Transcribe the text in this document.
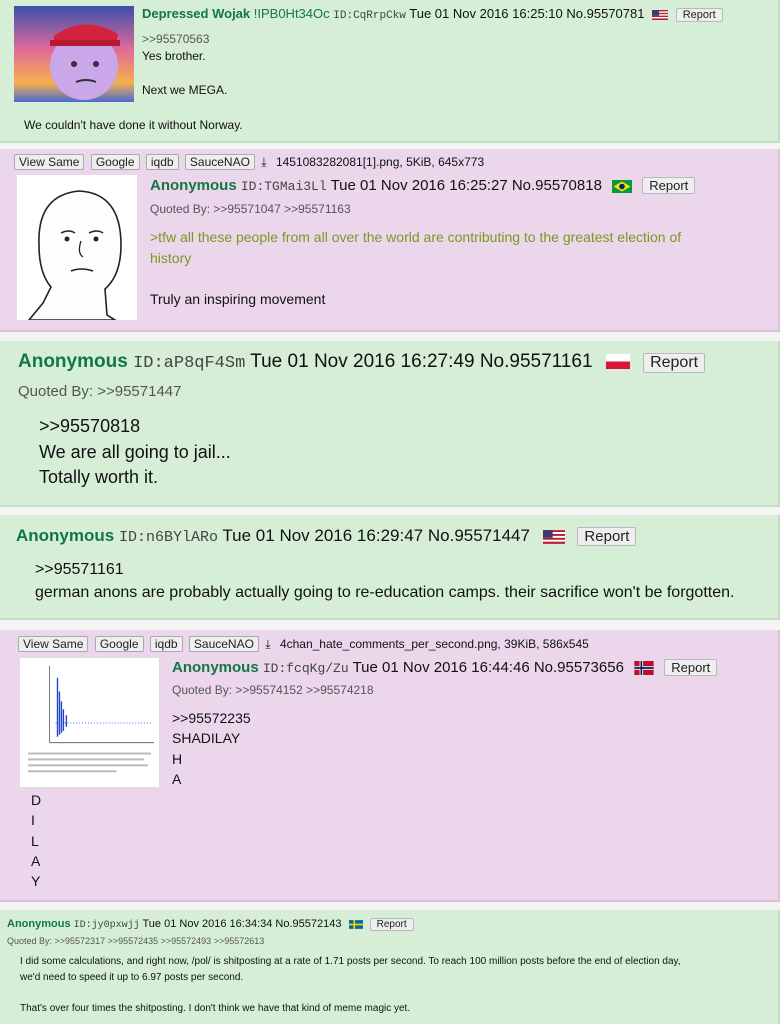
Depressed Wojak !IPB0Ht34Oc ID:CqRrpCkw Tue 01 Nov 2016 16:25:10 No.95570781	Report
>>95570563
Yes brother.
Next we MEGA.
We couldn't have done it without Norway.
View Same Google iqdb SauceNAO ⤓ 1451083282081[1].png, 5KiB, 645x773
Anonymous ID:TGMai3Ll Tue 01 Nov 2016 16:25:27 No.95570818	Report
Quoted By: >>95571047 >>95571163
>tfw all these people from all over the world are contributing to the greatest election of
history
Truly an inspiring movement
Anonymous ID:aP8qF4Sm Tue 01 Nov 2016 16:27:49 No.95571161	Report
Quoted By: >>95571447
>>95570818
We are all going to jail...
Totally worth it.
Anonymous ID:n6BYlARo Tue 01 Nov 2016 16:29:47 No.95571447	Report
>>95571161
german anons are probably actually going to re-education camps. their sacrifice won't be forgotten.
View Same Google iqdb SauceNAO ⤓ 4chan_hate_comments_per_second.png, 39KiB, 586x545
Anonymous ID:fcqKg/Zu Tue 01 Nov 2016 16:44:46 No.95573656	Report
Quoted By: >>95574152 >>95574218
>>95572235
SHADILAY
H
A
D
I
L
A
Y
Anonymous ID:jy0pxwjj Tue 01 Nov 2016 16:34:34 No.95572143	Report
Quoted By: >>95572317 >>95572435 >>95572493 >>95572613
I did some calculations, and right now, /pol/ is shitposting at a rate of 1.71 posts per second. To reach 100 million posts before the end of election day,
we'd need to speed it up to 6.97 posts per second.
That's over four times the shitposting. I don't think we have that kind of meme magic yet.
